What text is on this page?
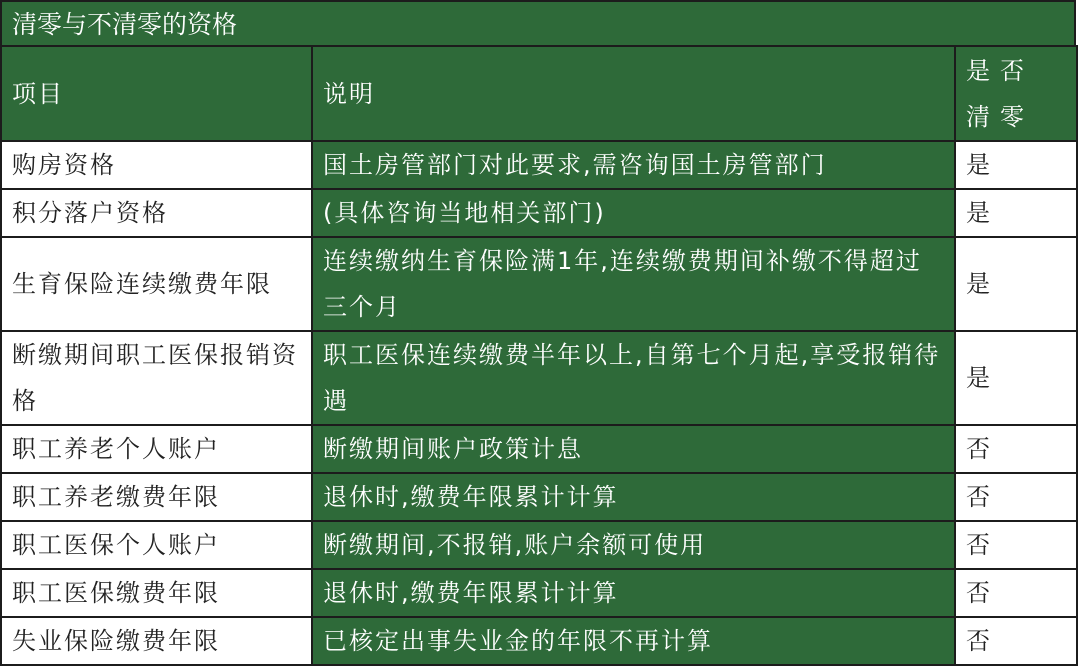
清零与不清零的资格
项目	说明	是否清零
购房资格	国土房管部门对此要求,需咨询国土房管部门	是
积分落户资格	(具体咨询当地相关部门)	是
生育保险连续缴费年限	连续缴纳生育保险满1年,连续缴费期间补缴不得超过三个月	是
断缴期间职工医保报销资格	职工医保连续缴费半年以上,自第七个月起,享受报销待遇	是
职工养老个人账户	断缴期间账户政策计息	否
职工养老缴费年限	退休时,缴费年限累计计算	否
职工医保个人账户	断缴期间,不报销,账户余额可使用	否
职工医保缴费年限	退休时,缴费年限累计计算	否
失业保险缴费年限	已核定出事失业金的年限不再计算	否
